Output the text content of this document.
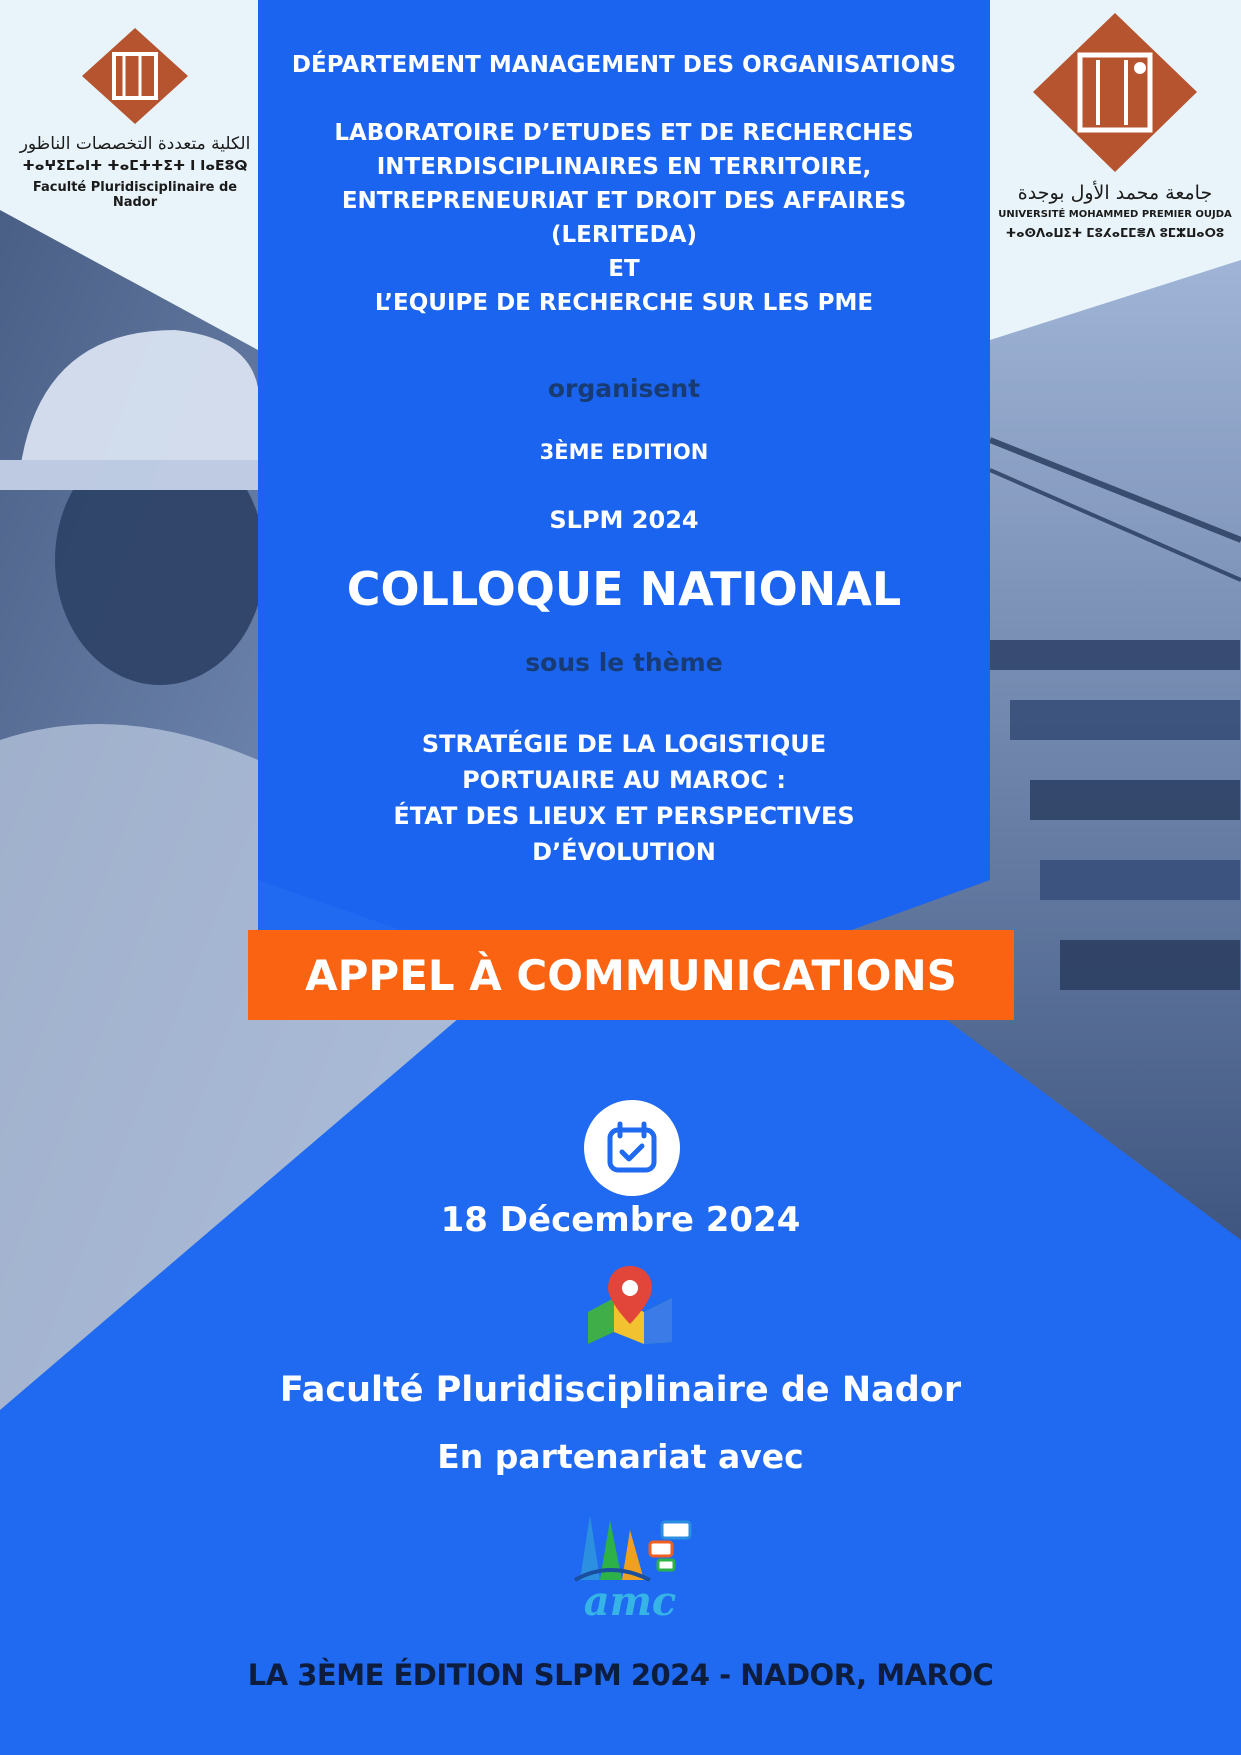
الكلية متعددة التخصصات الناظور
ⵜⴰⵖⵉⵎⴰⵏⵜ ⵜⴰⵎⵜⵜⵉⵜ ⵏ ⵏⴰⴹⵓⵕ
Faculté Pluridisciplinaire de Nador	جامعة محمد الأول بوجدة
UNIVERSITÉ MOHAMMED PREMIER OUJDA
ⵜⴰⵙⴷⴰⵡⵉⵜ ⵎⵓⵃⴰⵎⵎⴻⴷ ⵓⵎⵣⵡⴰⵔⵓ
DÉPARTEMENT MANAGEMENT DES ORGANISATIONS
LABORATOIRE D’ETUDES ET DE RECHERCHES
INTERDISCIPLINAIRES EN TERRITOIRE,
ENTREPRENEURIAT ET DROIT DES AFFAIRES
(LERITEDA)
ET
L’EQUIPE DE RECHERCHE SUR LES PME
organisent
3ÈME EDITION
SLPM 2024
COLLOQUE NATIONAL
sous le thème
STRATÉGIE DE LA LOGISTIQUE
PORTUAIRE AU MAROC :
ÉTAT DES LIEUX ET PERSPECTIVES
D’ÉVOLUTION
APPEL À COMMUNICATIONS
18 Décembre 2024
Faculté Pluridisciplinaire de Nador
En partenariat avec
amc
LA 3ÈME ÉDITION SLPM 2024 - NADOR, MAROC
